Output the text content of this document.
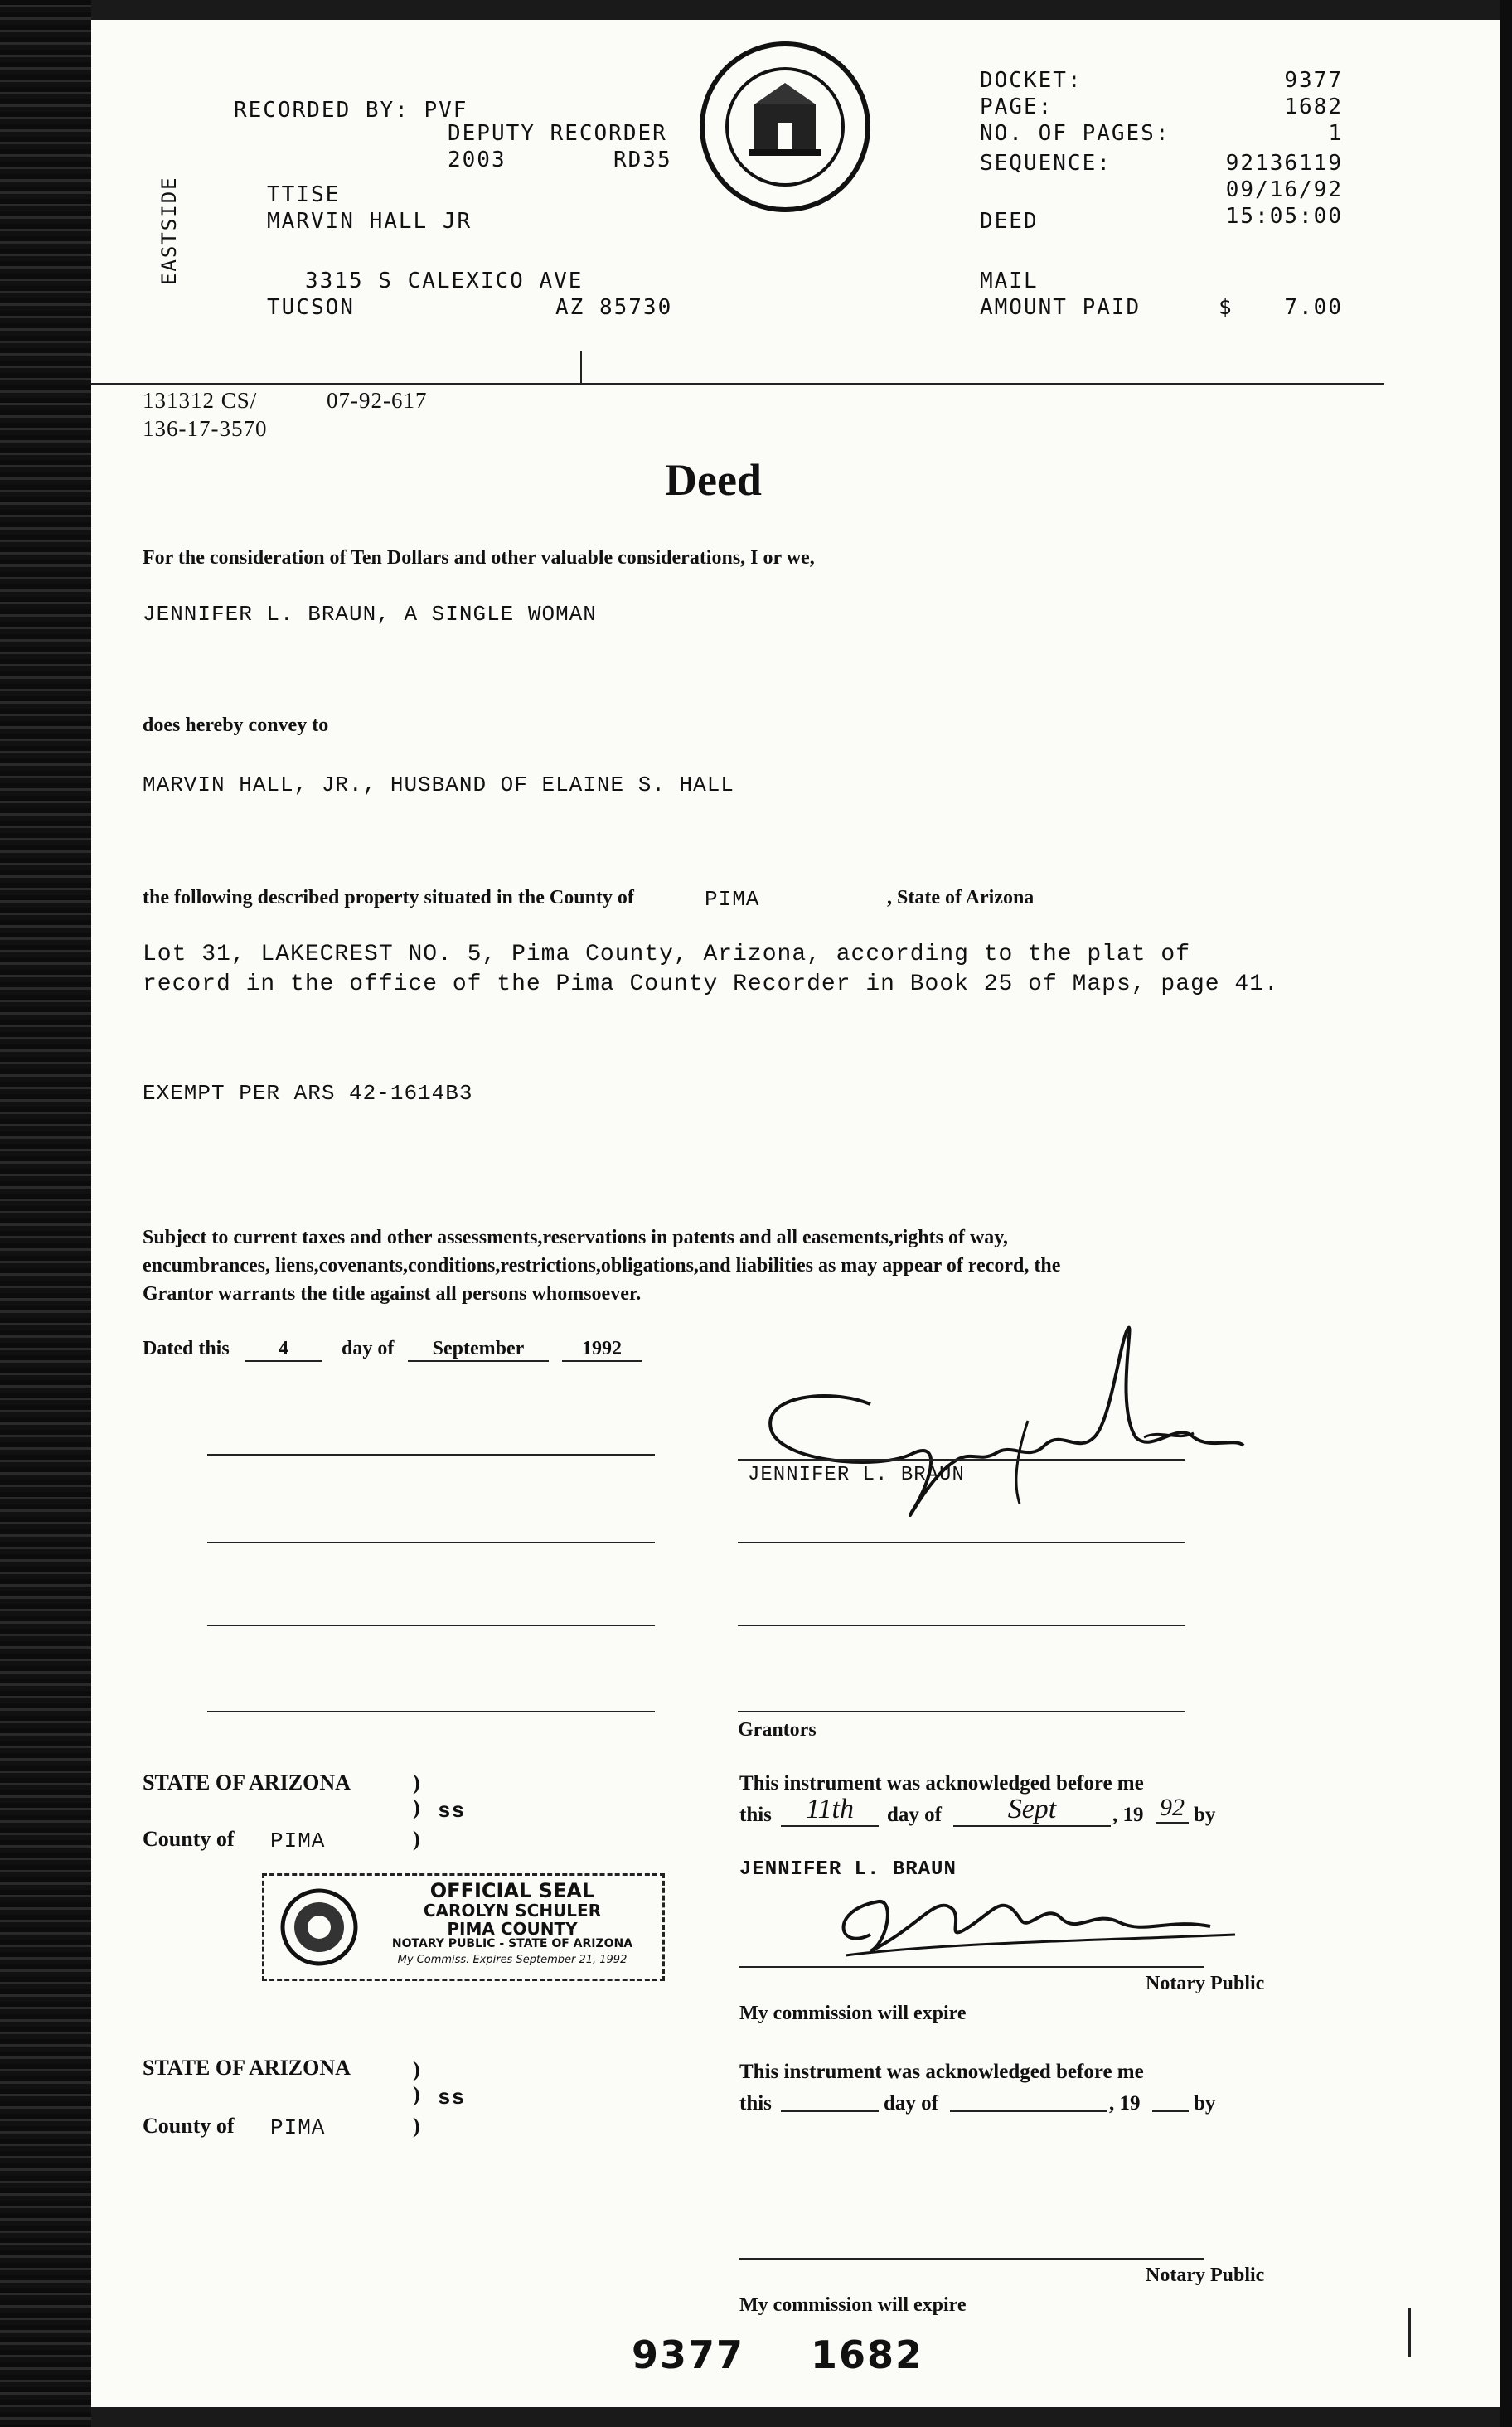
RECORDED BY: PVF
DEPUTY RECORDER
2003	RD35
EASTSIDE	TTISE
MARVIN HALL JR
3315 S CALEXICO AVE
TUCSON	AZ 85730
DOCKET:	9377
PAGE:	1682
NO. OF PAGES:	1
SEQUENCE:	92136119
09/16/92
DEED	15:05:00
MAIL
AMOUNT PAID	$	7.00
131312 CS/	07-92-617
136-17-3570
Deed
For the consideration of Ten Dollars and other valuable considerations, I or we,
JENNIFER L. BRAUN, A SINGLE WOMAN
does hereby convey to
MARVIN HALL, JR., HUSBAND OF ELAINE S. HALL
the following described property situated in the County of	PIMA	, State of Arizona
Lot 31, LAKECREST NO. 5, Pima County, Arizona, according to the plat of
record in the office of the Pima County Recorder in Book 25 of Maps, page 41.
EXEMPT PER ARS 42-1614B3
Subject to current taxes and other assessments,reservations in patents and all easements,rights of way,
encumbrances, liens,covenants,conditions,restrictions,obligations,and liabilities as may appear of record, the
Grantor warrants the title against all persons whomsoever.
Dated this	4	day of	September	1992
JENNIFER L. BRAUN
Grantors
STATE OF ARIZONA	)
) ss
County of PIMA	)
OFFICIAL SEAL
CAROLYN SCHULER
PIMA COUNTY
NOTARY PUBLIC - STATE OF ARIZONA
My Commiss. Expires September 21, 1992
This instrument was acknowledged before me
this	11th	day of	Sept	, 19 92 by
JENNIFER L. BRAUN
Notary Public
My commission will expire
STATE OF ARIZONA	)
) ss
County of PIMA	)
This instrument was acknowledged before me
this	day of	, 19	by
Notary Public
My commission will expire
9377 1682
